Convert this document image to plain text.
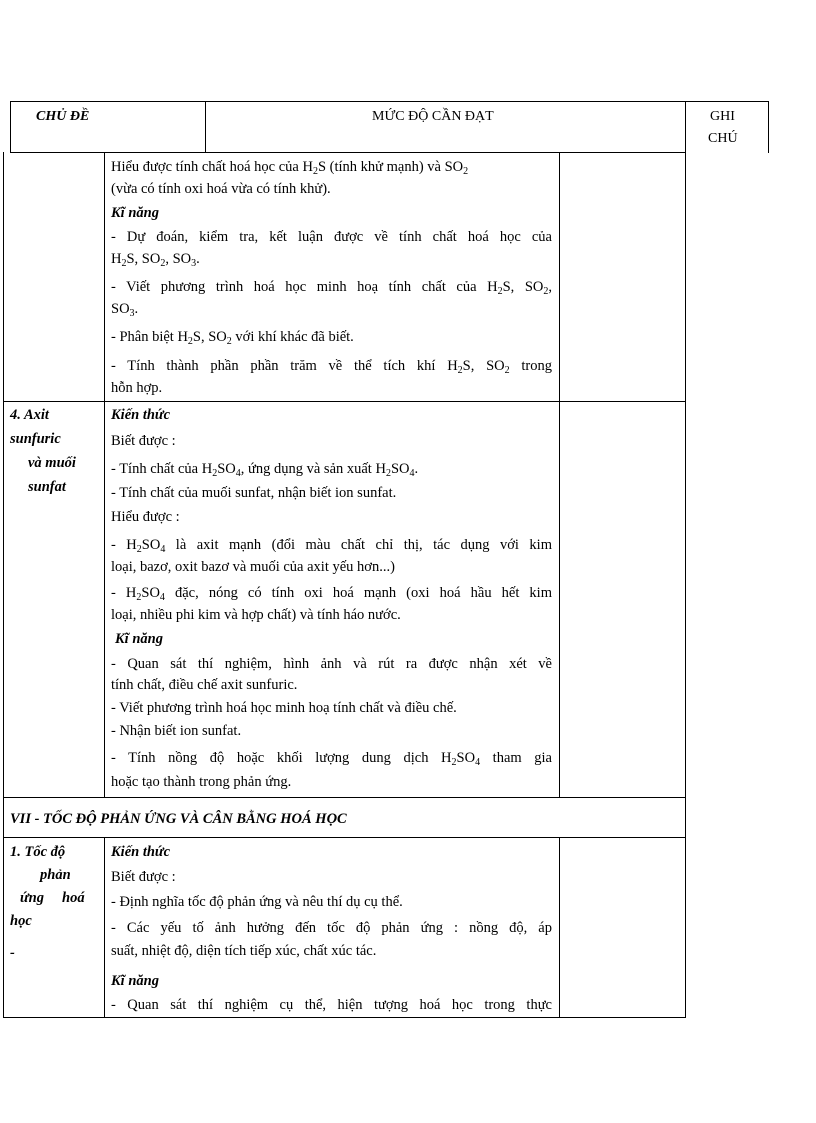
CHỦ ĐỀ	MỨC ĐỘ CẦN ĐẠT	GHI
CHÚ
Hiểu được tính chất hoá học của $H_2S$ (tính khử mạnh) và $SO_2$
(vừa có tính oxi hoá vừa có tính khử).
Kĩ năng
- Dự đoán, kiểm tra, kết luận được về tính chất hoá học của
$H_2S$, $SO_2$, $SO_3$.
- Viết phương trình hoá học minh hoạ tính chất của $H_2S$, $SO_2$,
$SO_3$.
- Phân biệt $H_2S$, $SO_2$ với khí khác đã biết.
- Tính thành phần phần trăm về thể tích khí $H_2S$, $SO_2$ trong
hỗn hợp.
4. Axit
sunfuric
và muối
sunfat
Kiến thức
Biết được :
- Tính chất của $H_2SO_4$, ứng dụng và sản xuất $H_2SO_4$.
- Tính chất của muối sunfat, nhận biết ion sunfat.
Hiểu được :
- $H_2SO_4$ là axit mạnh (đổi màu chất chỉ thị, tác dụng với kim
loại, bazơ, oxit bazơ và muối của axit yếu hơn...)
- $H_2SO_4$ đặc, nóng có tính oxi hoá mạnh (oxi hoá hầu hết kim
loại, nhiều phi kim và hợp chất) và tính háo nước.
Kĩ năng
- Quan sát thí nghiệm, hình ảnh và rút ra được nhận xét về
tính chất, điều chế axit sunfuric.
- Viết phương trình hoá học minh hoạ tính chất và điều chế.
- Nhận biết ion sunfat.
- Tính nồng độ hoặc khối lượng dung dịch $H_2SO_4$ tham gia
hoặc tạo thành trong phản ứng.
VII - TỐC ĐỘ PHẢN ỨNG VÀ CÂN BẰNG HOÁ HỌC
1. Tốc độ
phản
ứng hoá
học
-
Kiến thức
Biết được :
- Định nghĩa tốc độ phản ứng và nêu thí dụ cụ thể.
- Các yếu tố ảnh hưởng đến tốc độ phản ứng : nồng độ, áp
suất, nhiệt độ, diện tích tiếp xúc, chất xúc tác.
Kĩ năng
- Quan sát thí nghiệm cụ thể, hiện tượng hoá học trong thực
